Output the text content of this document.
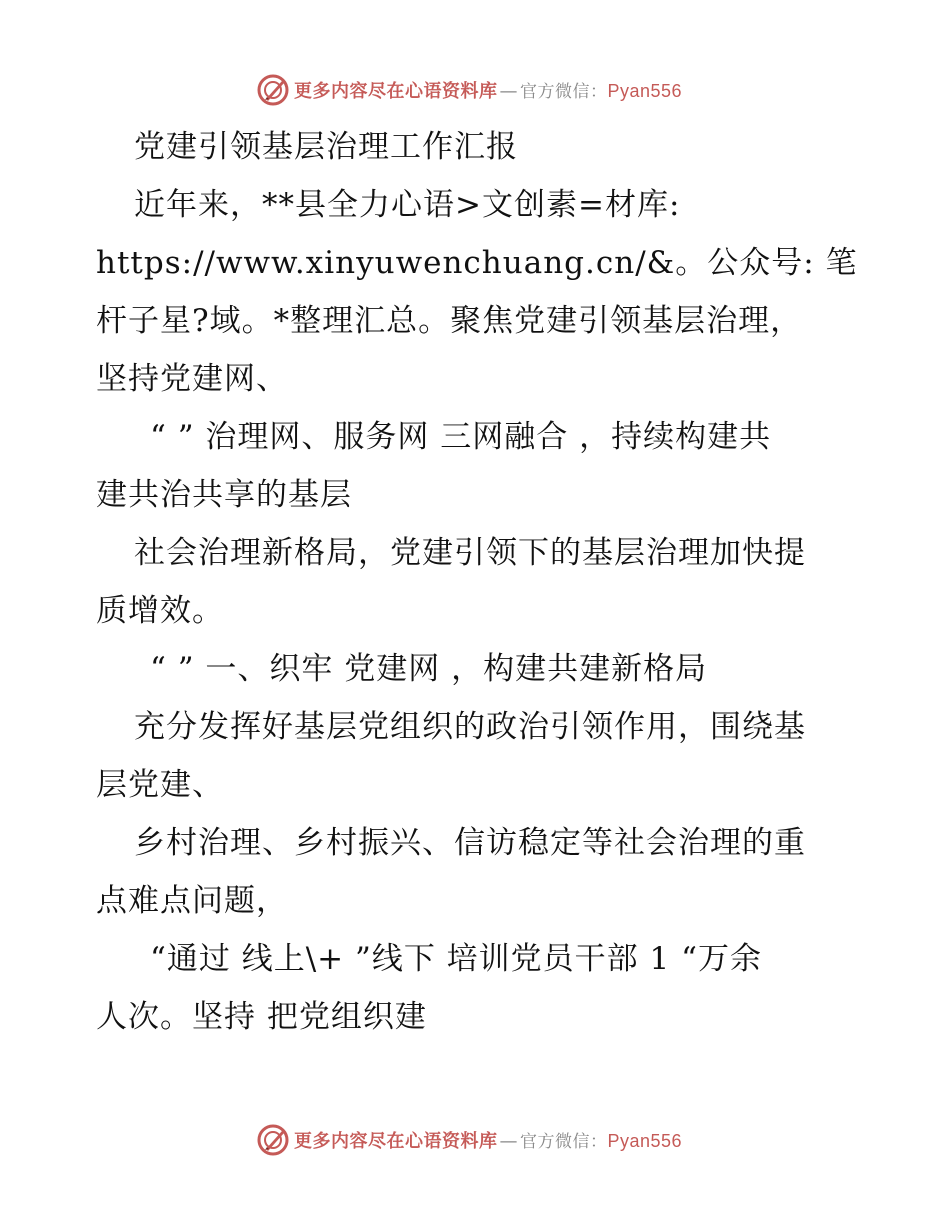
更多内容尽在心语资料库 — 官方微信：Pyan556
党建引领基层治理工作汇报
近年来，**县全力心语>文创素=材库:
https://www.xinyuwenchuang.cn/&。公众号: 笔
杆子星?域。*整理汇总。聚焦党建引领基层治理，
坚持党建网、
“ ” 治理网、服务网 三网融合 ，持续构建共
建共治共享的基层
社会治理新格局，党建引领下的基层治理加快提
质增效。
“ ” 一、织牢 党建网 ，构建共建新格局
充分发挥好基层党组织的政治引领作用，围绕基
层党建、
乡村治理、乡村振兴、信访稳定等社会治理的重
点难点问题，
“通过 线上\+ ”线下 培训党员干部 1 “万余
人次。坚持 把党组织建
更多内容尽在心语资料库 — 官方微信：Pyan556
